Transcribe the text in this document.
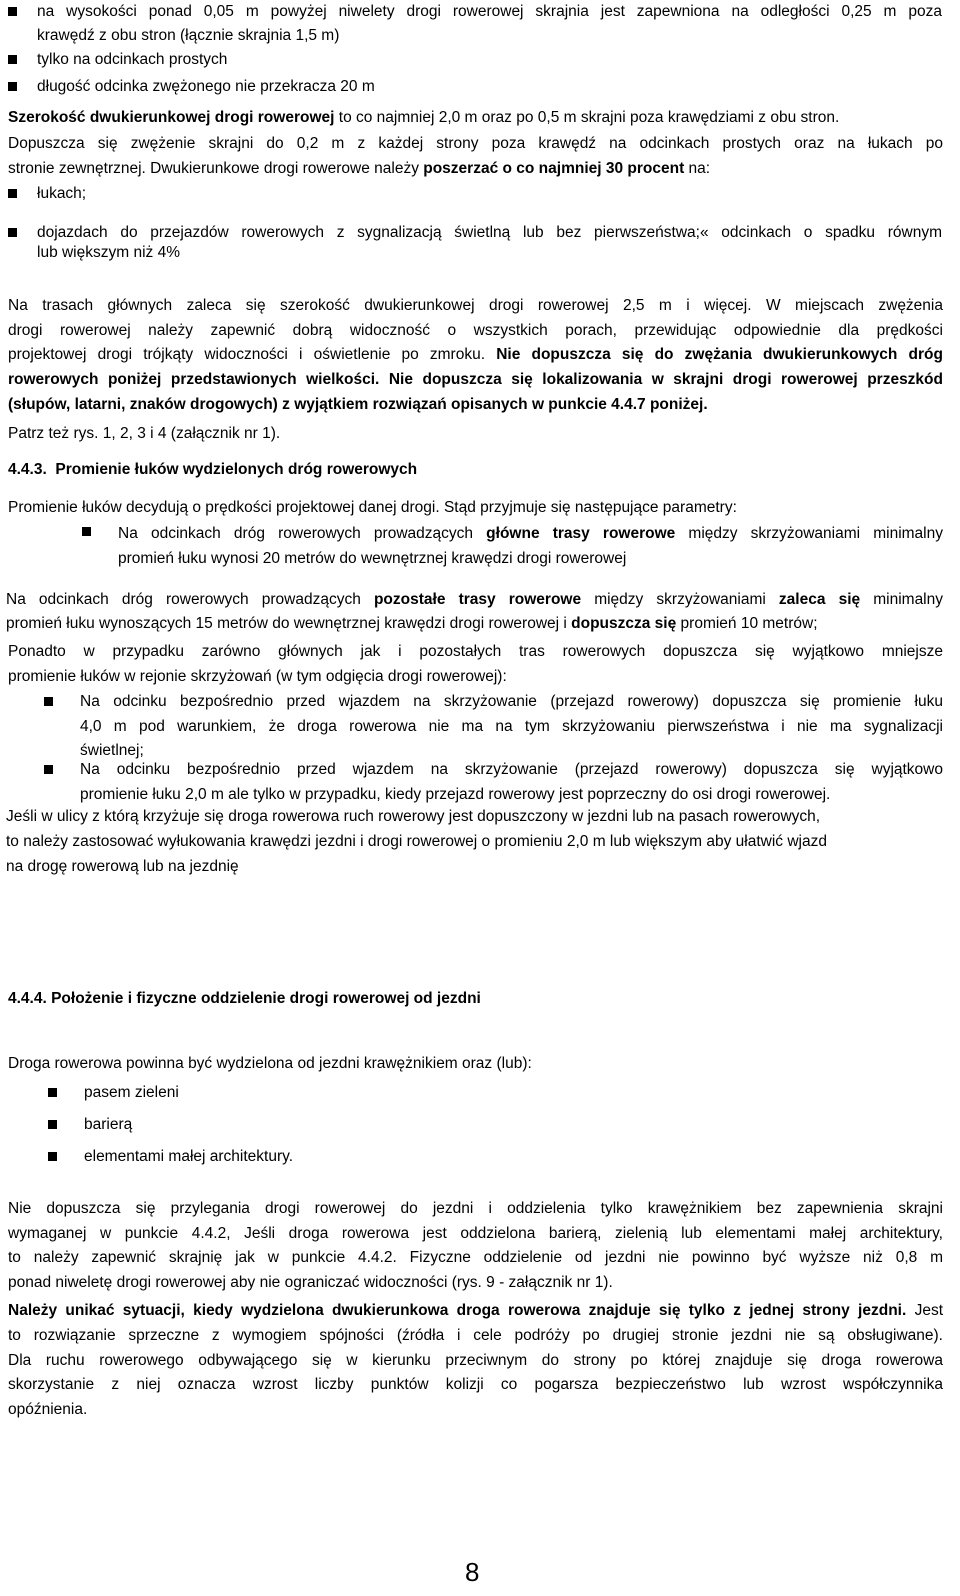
na wysokości ponad 0,05 m powyżej niwelety drogi rowerowej skrajnia jest zapewniona na odległości 0,25 m poza
krawędź z obu stron (łącznie skrajnia 1,5 m)
tylko na odcinkach prostych
długość odcinka zwężonego nie przekracza 20 m
Szerokość dwukierunkowej drogi rowerowej to co najmniej 2,0 m oraz po 0,5 m skrajni poza krawędziami z obu stron.
Dopuszcza się zwężenie skrajni do 0,2 m z każdej strony poza krawędź na odcinkach prostych oraz na łukach po
stronie zewnętrznej. Dwukierunkowe drogi rowerowe należy poszerzać o co najmniej 30 procent na:
łukach;
dojazdach do przejazdów rowerowych z sygnalizacją świetlną lub bez pierwszeństwa;« odcinkach o spadku równym
lub większym niż 4%
Na trasach głównych zaleca się szerokość dwukierunkowej drogi rowerowej 2,5 m i więcej. W miejscach zwężenia
drogi rowerowej należy zapewnić dobrą widoczność o wszystkich porach, przewidując odpowiednie dla prędkości
projektowej drogi trójkąty widoczności i oświetlenie po zmroku. Nie dopuszcza się do zwężania dwukierunkowych dróg
rowerowych poniżej przedstawionych wielkości. Nie dopuszcza się lokalizowania w skrajni drogi rowerowej przeszkód
(słupów, latarni, znaków drogowych) z wyjątkiem rozwiązań opisanych w punkcie 4.4.7 poniżej.
Patrz też rys. 1, 2, 3 i 4 (załącznik nr 1).
4.4.3. Promienie łuków wydzielonych dróg rowerowych
Promienie łuków decydują o prędkości projektowej danej drogi. Stąd przyjmuje się następujące parametry:
Na odcinkach dróg rowerowych prowadzących główne trasy rowerowe między skrzyżowaniami minimalny
promień łuku wynosi 20 metrów do wewnętrznej krawędzi drogi rowerowej
Na odcinkach dróg rowerowych prowadzących pozostałe trasy rowerowe między skrzyżowaniami zaleca się minimalny
promień łuku wynoszących 15 metrów do wewnętrznej krawędzi drogi rowerowej i dopuszcza się promień 10 metrów;
Ponadto w przypadku zarówno głównych jak i pozostałych tras rowerowych dopuszcza się wyjątkowo mniejsze
promienie łuków w rejonie skrzyżowań (w tym odgięcia drogi rowerowej):
Na odcinku bezpośrednio przed wjazdem na skrzyżowanie (przejazd rowerowy) dopuszcza się promienie łuku
4,0 m pod warunkiem, że droga rowerowa nie ma na tym skrzyżowaniu pierwszeństwa i nie ma sygnalizacji
świetlnej;
Na odcinku bezpośrednio przed wjazdem na skrzyżowanie (przejazd rowerowy) dopuszcza się wyjątkowo
promienie łuku 2,0 m ale tylko w przypadku, kiedy przejazd rowerowy jest poprzeczny do osi drogi rowerowej.
Jeśli w ulicy z którą krzyżuje się droga rowerowa ruch rowerowy jest dopuszczony w jezdni lub na pasach rowerowych,
to należy zastosować wyłukowania krawędzi jezdni i drogi rowerowej o promieniu 2,0 m lub większym aby ułatwić wjazd
na drogę rowerową lub na jezdnię
4.4.4. Położenie i fizyczne oddzielenie drogi rowerowej od jezdni
Droga rowerowa powinna być wydzielona od jezdni krawężnikiem oraz (lub):
pasem zieleni
barierą
elementami małej architektury.
Nie dopuszcza się przylegania drogi rowerowej do jezdni i oddzielenia tylko krawężnikiem bez zapewnienia skrajni
wymaganej w punkcie 4.4.2, Jeśli droga rowerowa jest oddzielona barierą, zielenią lub elementami małej architektury,
to należy zapewnić skrajnię jak w punkcie 4.4.2. Fizyczne oddzielenie od jezdni nie powinno być wyższe niż 0,8 m
ponad niweletę drogi rowerowej aby nie ograniczać widoczności (rys. 9 - załącznik nr 1).
Należy unikać sytuacji, kiedy wydzielona dwukierunkowa droga rowerowa znajduje się tylko z jednej strony jezdni. Jest
to rozwiązanie sprzeczne z wymogiem spójności (źródła i cele podróży po drugiej stronie jezdni nie są obsługiwane).
Dla ruchu rowerowego odbywającego się w kierunku przeciwnym do strony po której znajduje się droga rowerowa
skorzystanie z niej oznacza wzrost liczby punktów kolizji co pogarsza bezpieczeństwo lub wzrost współczynnika
opóźnienia.
8
